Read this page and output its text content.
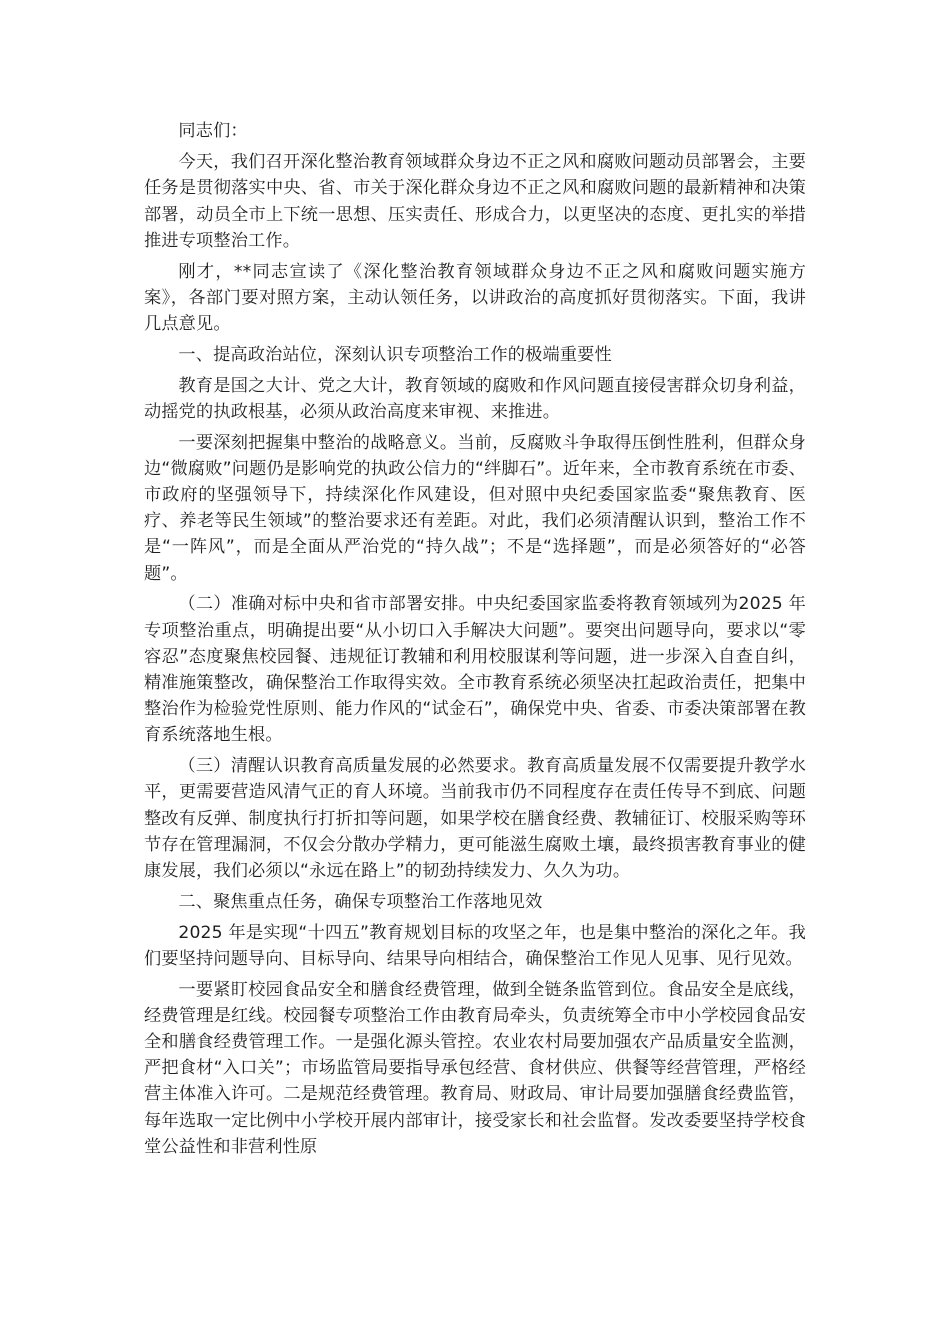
同志们：

今天，我们召开深化整治教育领域群众身边不正之风和腐败问题动员部署会，主要任务是贯彻落实中央、省、市关于深化群众身边不正之风和腐败问题的最新精神和决策部署，动员全市上下统一思想、压实责任、形成合力，以更坚决的态度、更扎实的举措推进专项整治工作。

刚才，**同志宣读了《深化整治教育领域群众身边不正之风和腐败问题实施方案》，各部门要对照方案，主动认领任务，以讲政治的高度抓好贯彻落实。下面，我讲几点意见。

一、提高政治站位，深刻认识专项整治工作的极端重要性

教育是国之大计、党之大计，教育领域的腐败和作风问题直接侵害群众切身利益，动摇党的执政根基，必须从政治高度来审视、来推进。

一要深刻把握集中整治的战略意义。当前，反腐败斗争取得压倒性胜利，但群众身边“微腐败”问题仍是影响党的执政公信力的“绊脚石”。近年来，全市教育系统在市委、市政府的坚强领导下，持续深化作风建设，但对照中央纪委国家监委“聚焦教育、医疗、养老等民生领域”的整治要求还有差距。对此，我们必须清醒认识到，整治工作不是“一阵风”，而是全面从严治党的“持久战”；不是“选择题”，而是必须答好的“必答题”。

（二）准确对标中央和省市部署安排。中央纪委国家监委将教育领域列为2025 年专项整治重点，明确提出要“从小切口入手解决大问题”。要突出问题导向，要求以“零容忍”态度聚焦校园餐、违规征订教辅和利用校服谋利等问题，进一步深入自查自纠，精准施策整改，确保整治工作取得实效。全市教育系统必须坚决扛起政治责任，把集中整治作为检验党性原则、能力作风的“试金石”，确保党中央、省委、市委决策部署在教育系统落地生根。

（三）清醒认识教育高质量发展的必然要求。教育高质量发展不仅需要提升教学水平，更需要营造风清气正的育人环境。当前我市仍不同程度存在责任传导不到底、问题整改有反弹、制度执行打折扣等问题，如果学校在膳食经费、教辅征订、校服采购等环节存在管理漏洞，不仅会分散办学精力，更可能滋生腐败土壤，最终损害教育事业的健康发展，我们必须以“永远在路上”的韧劲持续发力、久久为功。

二、聚焦重点任务，确保专项整治工作落地见效

2025 年是实现“十四五”教育规划目标的攻坚之年，也是集中整治的深化之年。我们要坚持问题导向、目标导向、结果导向相结合，确保整治工作见人见事、见行见效。

一要紧盯校园食品安全和膳食经费管理，做到全链条监管到位。食品安全是底线，经费管理是红线。校园餐专项整治工作由教育局牵头，负责统筹全市中小学校园食品安全和膳食经费管理工作。一是强化源头管控。农业农村局要加强农产品质量安全监测，严把食材“入口关”；市场监管局要指导承包经营、食材供应、供餐等经营管理，严格经营主体准入许可。二是规范经费管理。教育局、财政局、审计局要加强膳食经费监管，每年选取一定比例中小学校开展内部审计，接受家长和社会监督。发改委要坚持学校食堂公益性和非营利性原
